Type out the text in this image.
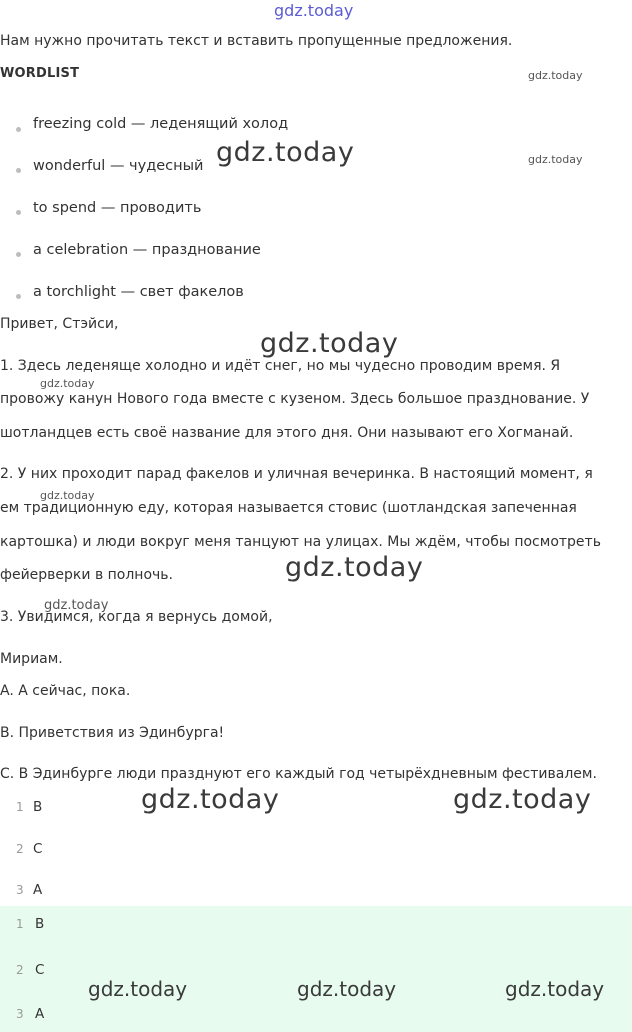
gdz.today
Нам нужно прочитать текст и вставить пропущенные предложения.
WORDLIST
freezing cold — леденящий холод
wonderful — чудесный
to spend — проводить
a celebration — празднование
a torchlight — свет факелов
Привет, Стэйси,
1. Здесь леденяще холодно и идёт снег, но мы чудесно проводим время. Я
провожу канун Нового года вместе с кузеном. Здесь большое празднование. У
шотландцев есть своё название для этого дня. Они называют его Хогманай.
2. У них проходит парад факелов и уличная вечеринка. В настоящий момент, я
ем традиционную еду, которая называется стовис (шотландская запеченная
картошка) и люди вокруг меня танцуют на улицах. Мы ждём, чтобы посмотреть
фейерверки в полночь.
3. Увидимся, когда я вернусь домой,
Мириам.
A. А сейчас, пока.
B. Приветствия из Эдинбурга!
C. В Эдинбурге люди празднуют его каждый год четырёхдневным фестивалем.
1 B
2 C
3 A
1 B
2 C
3 A
gdz.today
gdz.today
gdz.today
gdz.today
gdz.today
gdz.today
gdz.today
gdz.today
gdz.today	gdz.today
gdz.today	gdz.today	gdz.today
